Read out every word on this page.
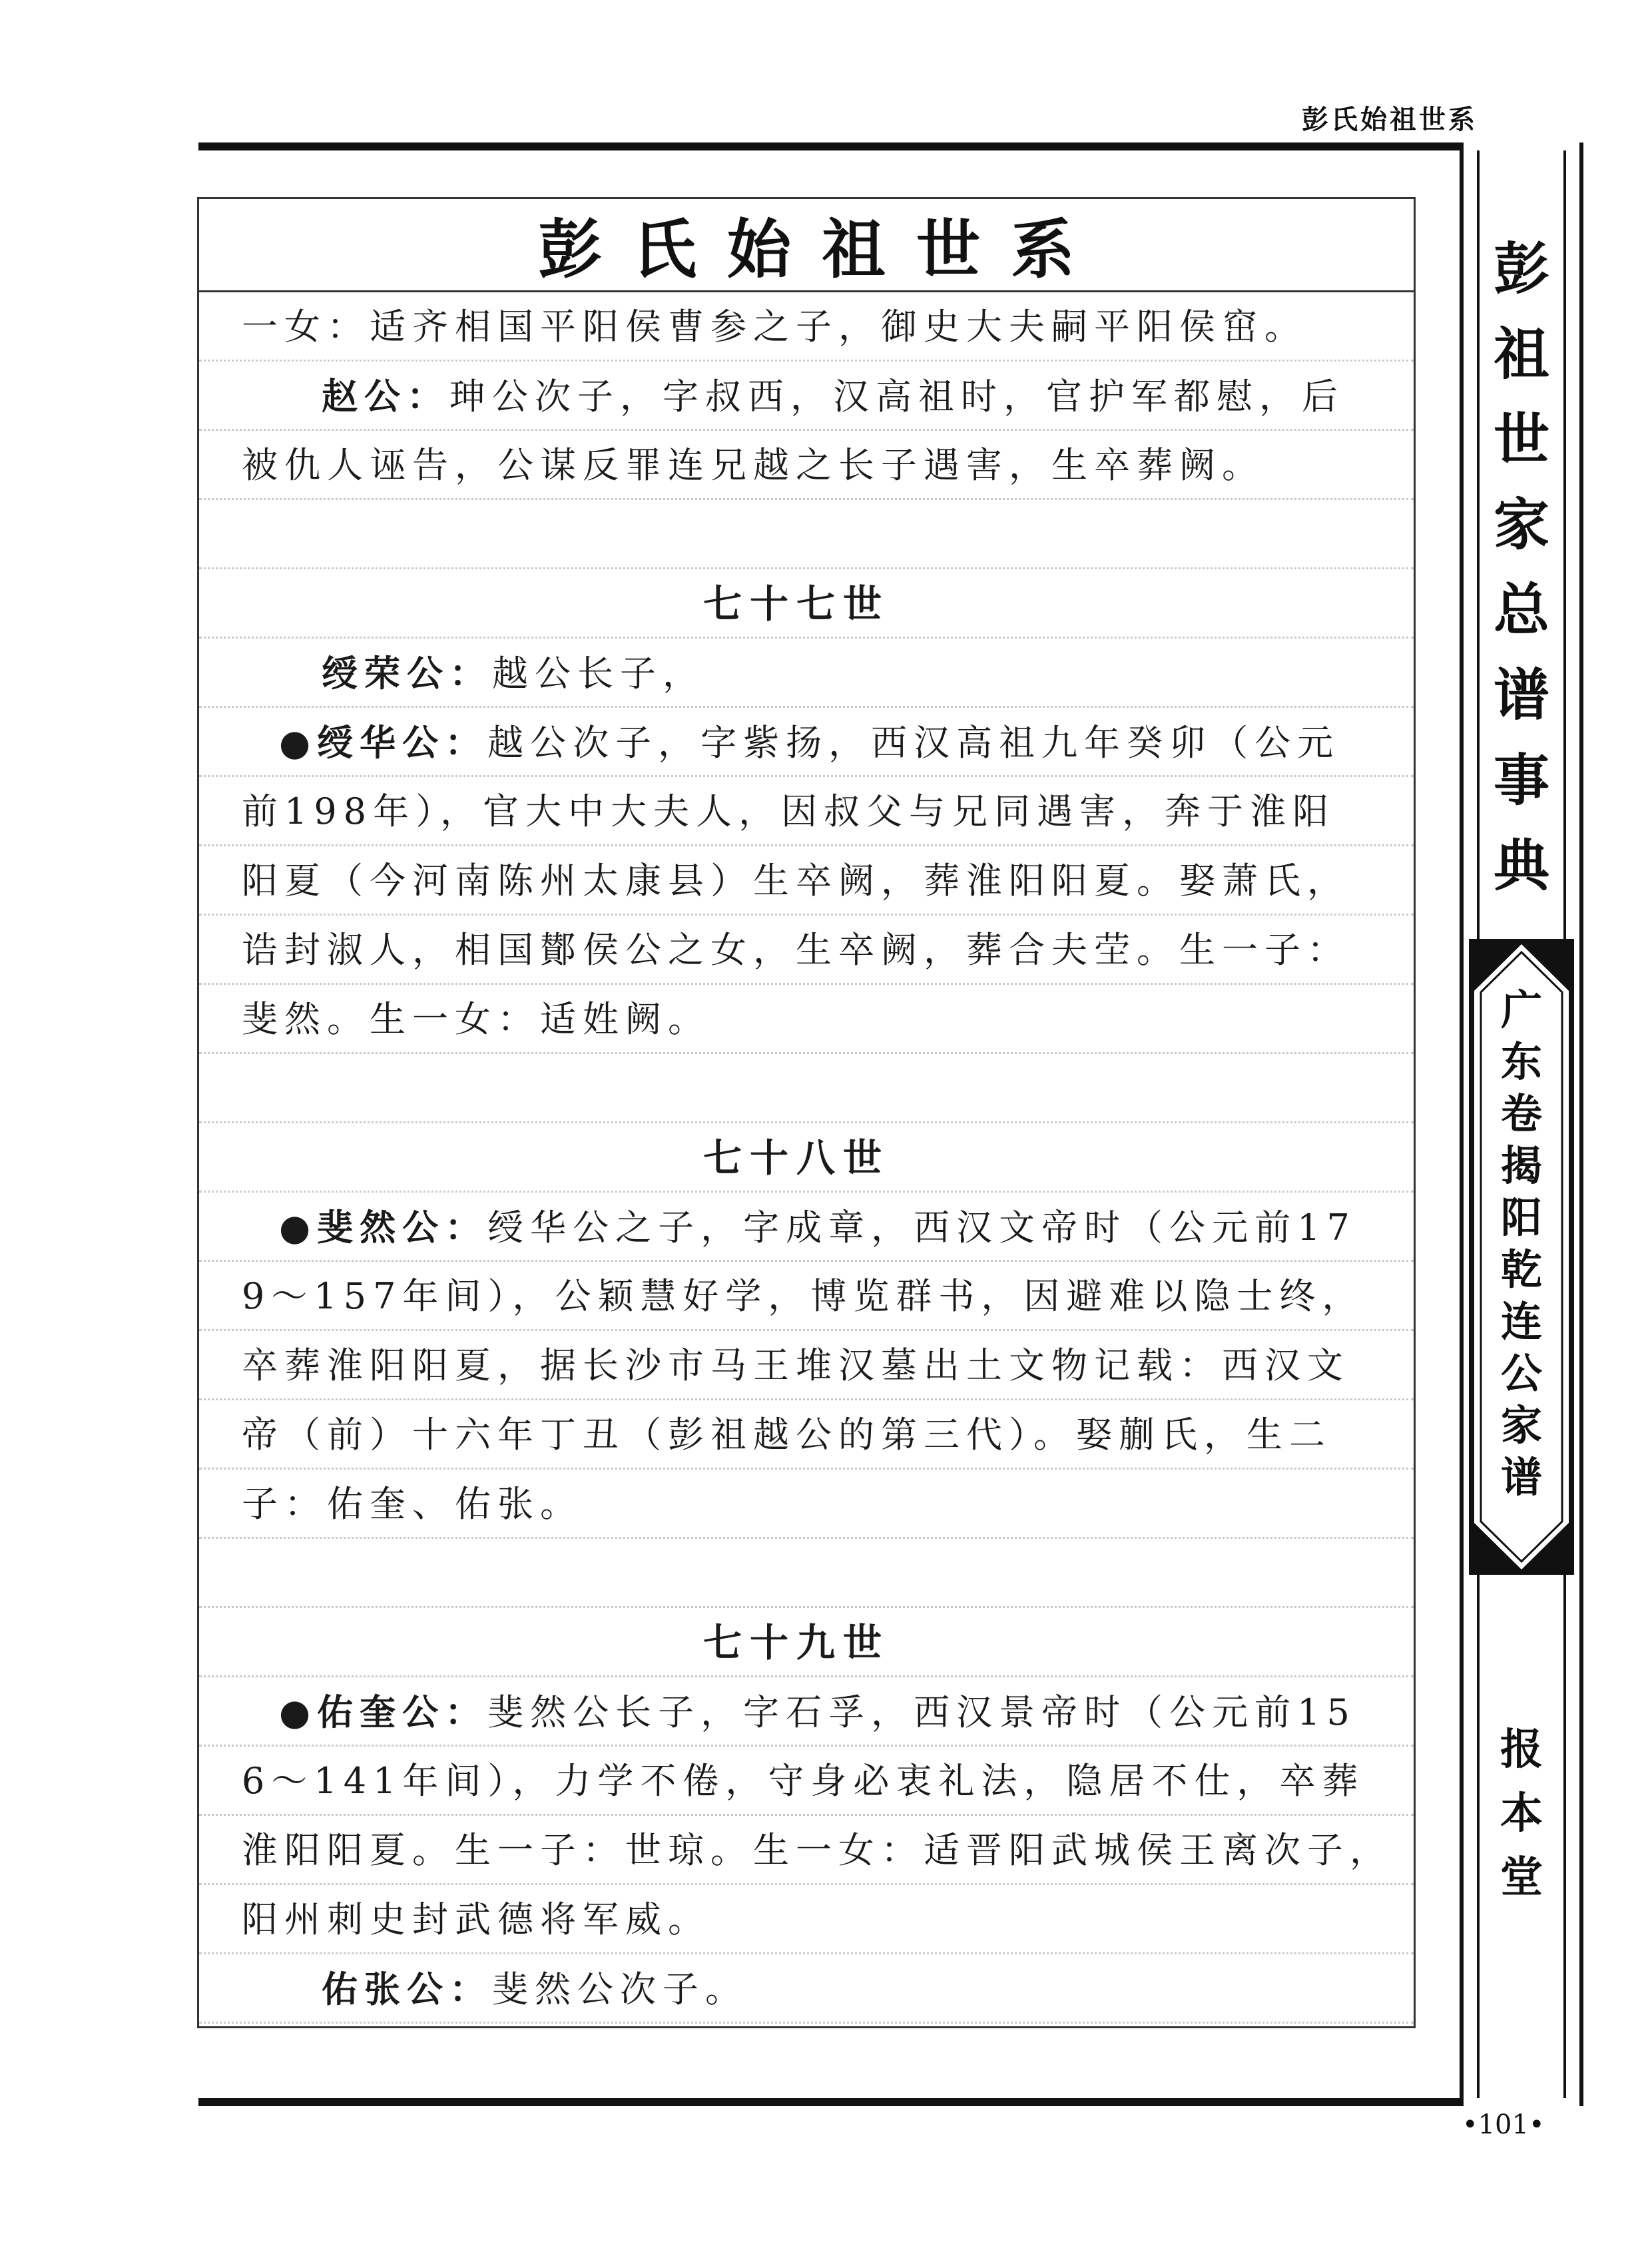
彭氏始祖世系
彭氏始祖世系
一女：适齐相国平阳侯曹参之子，御史大夫嗣平阳侯窋。
赵公：珅公次子，字叔西，汉高祖时，官护军都慰，后
被仇人诬告，公谋反罪连兄越之长子遇害，生卒葬阙。
七十七世
绶荣公：越公长子，
●绶华公：越公次子，字紫扬，西汉高祖九年癸卯（公元
前198年），官大中大夫人，因叔父与兄同遇害，奔于淮阳
阳夏（今河南陈州太康县）生卒阙，葬淮阳阳夏。娶萧氏，
诰封淑人，相国鄼侯公之女，生卒阙，葬合夫茔。生一子：
斐然。生一女：适姓阙。
七十八世
●斐然公：绶华公之子，字成章，西汉文帝时（公元前17
9～157年间），公颖慧好学，博览群书，因避难以隐士终，
卒葬淮阳阳夏，据长沙市马王堆汉墓出土文物记载：西汉文
帝（前）十六年丁丑（彭祖越公的第三代）。娶蒯氏，生二
子：佑奎、佑张。
七十九世
●佑奎公：斐然公长子，字石孚，西汉景帝时（公元前15
6～141年间），力学不倦，守身必衷礼法，隐居不仕，卒葬
淮阳阳夏。生一子：世琼。生一女：适晋阳武城侯王离次子，
阳州刺史封武德将军威。
佑张公：斐然公次子。
彭
祖
世
家
总
谱
事
典
广
东
卷
揭
阳
乾
连
公
家
谱
报
本
堂
•101•
